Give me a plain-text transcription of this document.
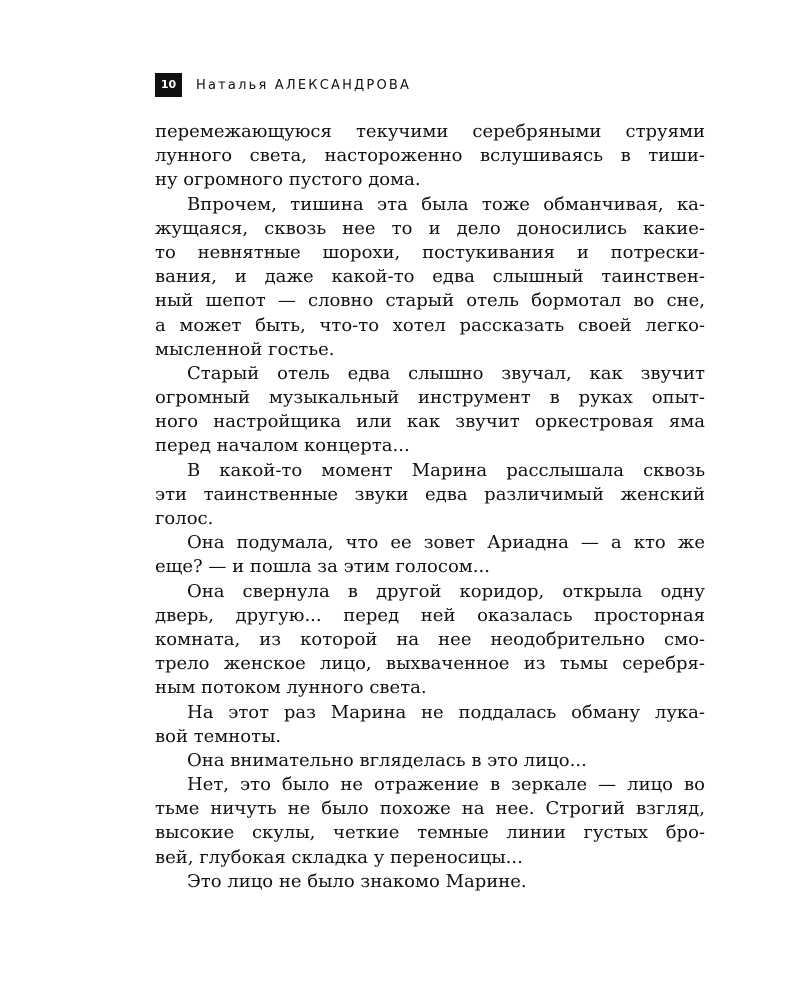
10	Наталья АЛЕКСАНДРОВА
перемежающуюся текучими серебряными струями
лунного света, настороженно вслушиваясь в тиши-
ну огромного пустого дома.
Впрочем, тишина эта была тоже обманчивая, ка-
жущаяся, сквозь нее то и дело доносились какие-
то невнятные шорохи, постукивания и потрески-
вания, и даже какой-то едва слышный таинствен-
ный шепот — словно старый отель бормотал во сне,
а может быть, что-то хотел рассказать своей легко-
мысленной гостье.
Старый отель едва слышно звучал, как звучит
огромный музыкальный инструмент в руках опыт-
ного настройщика или как звучит оркестровая яма
перед началом концерта...
В какой-то момент Марина расслышала сквозь
эти таинственные звуки едва различимый женский
голос.
Она подумала, что ее зовет Ариадна — а кто же
еще? — и пошла за этим голосом...
Она свернула в другой коридор, открыла одну
дверь, другую... перед ней оказалась просторная
комната, из которой на нее неодобрительно смо-
трело женское лицо, выхваченное из тьмы серебря-
ным потоком лунного света.
На этот раз Марина не поддалась обману лука-
вой темноты.
Она внимательно вгляделась в это лицо...
Нет, это было не отражение в зеркале — лицо во
тьме ничуть не было похоже на нее. Строгий взгляд,
высокие скулы, четкие темные линии густых бро-
вей, глубокая складка у переносицы...
Это лицо не было знакомо Марине.
